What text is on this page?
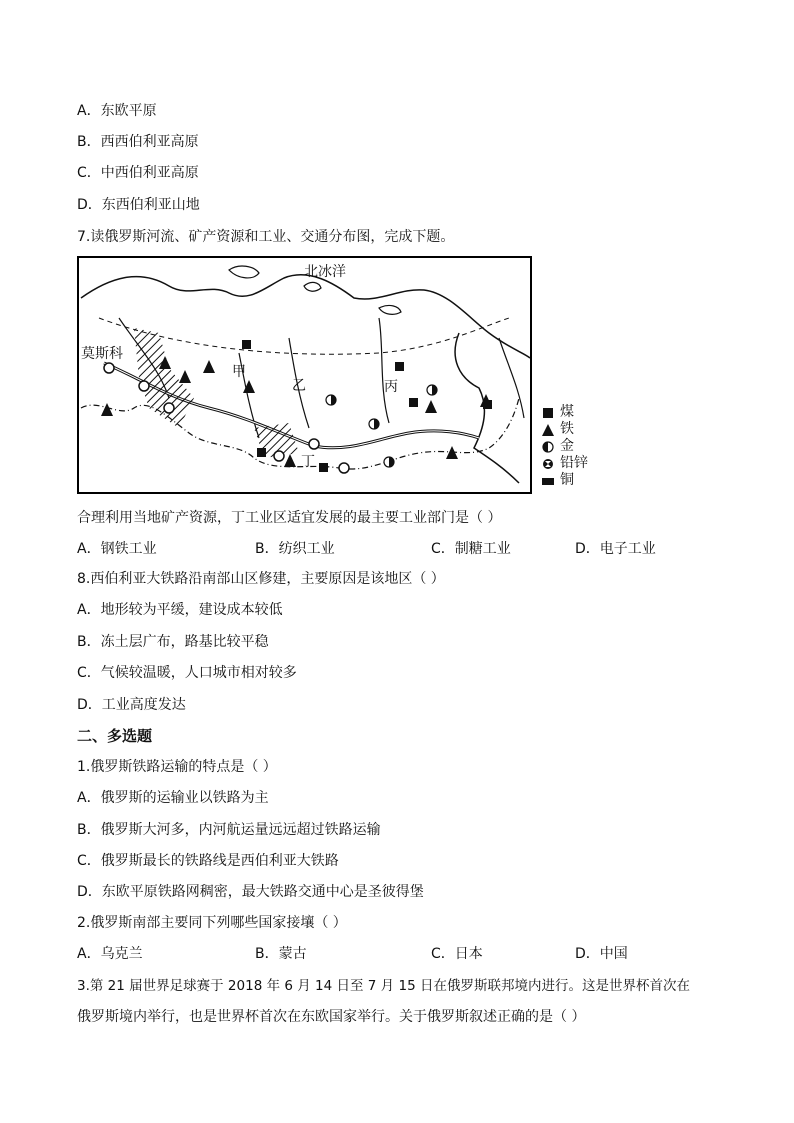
A．东欧平原
B．西西伯利亚高原
C．中西伯利亚高原
D．东西伯利亚山地
7.读俄罗斯河流、矿产资源和工业、交通分布图，完成下题。
北冰洋
莫斯科
甲
乙	丙
丁
煤
铁
金
铅锌
铜
合理利用当地矿产资源，丁工业区适宜发展的最主要工业部门是（ ）
A．钢铁工业	B．纺织工业	C．制糖工业	D．电子工业
8.西伯利亚大铁路沿南部山区修建，主要原因是该地区（ ）
A．地形较为平缓，建设成本较低
B．冻土层广布，路基比较平稳
C．气候较温暖，人口城市相对较多
D．工业高度发达
二、多选题
1.俄罗斯铁路运输的特点是（ ）
A．俄罗斯的运输业以铁路为主
B．俄罗斯大河多，内河航运量远远超过铁路运输
C．俄罗斯最长的铁路线是西伯利亚大铁路
D．东欧平原铁路网稠密，最大铁路交通中心是圣彼得堡
2.俄罗斯南部主要同下列哪些国家接壤（ ）
A．乌克兰	B．蒙古	C．日本	D．中国
3.第 21 届世界足球赛于 2018 年 6 月 14 日至 7 月 15 日在俄罗斯联邦境内进行。这是世界杯首次在
俄罗斯境内举行，也是世界杯首次在东欧国家举行。关于俄罗斯叙述正确的是（ ）
